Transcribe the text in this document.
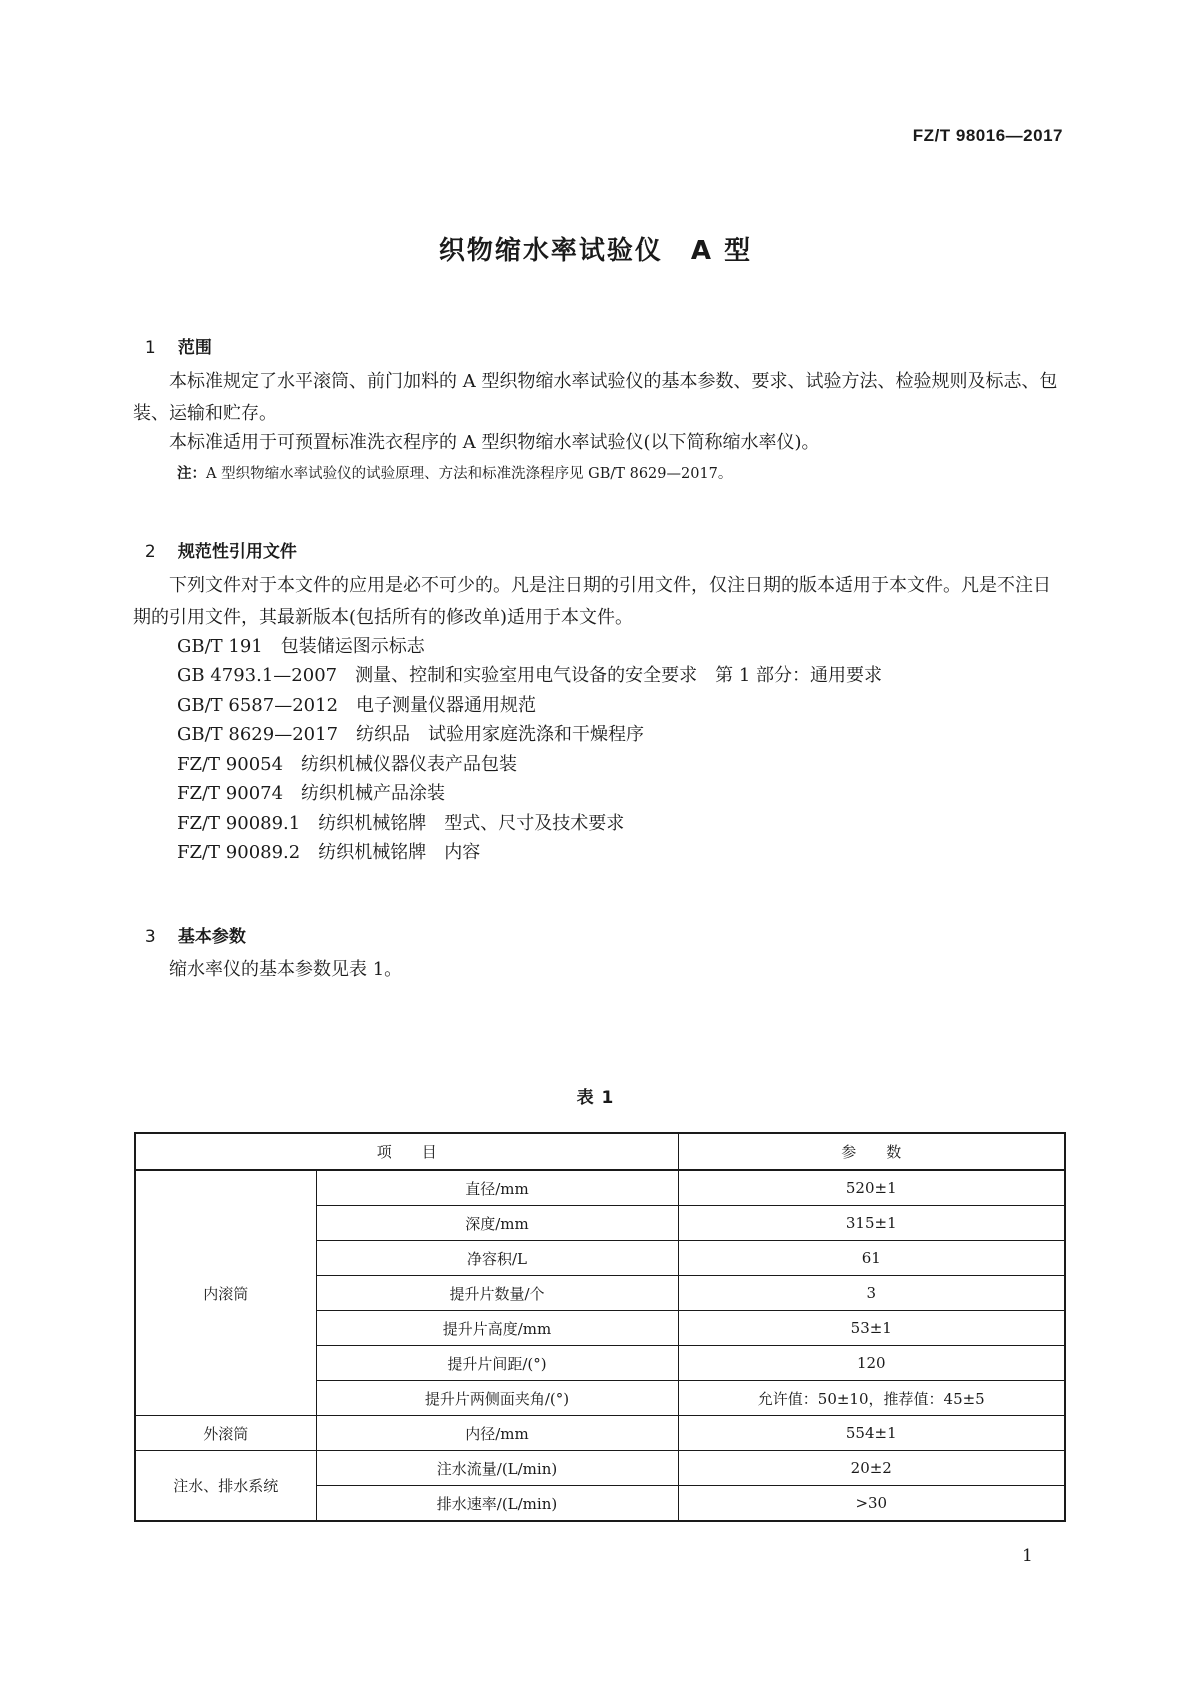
FZ/T 98016—2017
织物缩水率试验仪　A 型

1 范围

本标准规定了水平滚筒、前门加料的 A 型织物缩水率试验仪的基本参数、要求、试验方法、检验规则及标志、包装、运输和贮存。
本标准适用于可预置标准洗衣程序的 A 型织物缩水率试验仪(以下简称缩水率仪)。
注：A 型织物缩水率试验仪的试验原理、方法和标准洗涤程序见 GB/T 8629—2017。

2 规范性引用文件

下列文件对于本文件的应用是必不可少的。凡是注日期的引用文件，仅注日期的版本适用于本文件。凡是不注日期的引用文件，其最新版本(包括所有的修改单)适用于本文件。
GB/T 191　包装储运图示标志
GB 4793.1—2007　测量、控制和实验室用电气设备的安全要求　第 1 部分：通用要求
GB/T 6587—2012　电子测量仪器通用规范
GB/T 8629—2017　纺织品　试验用家庭洗涤和干燥程序
FZ/T 90054　纺织机械仪器仪表产品包装
FZ/T 90074　纺织机械产品涂装
FZ/T 90089.1　纺织机械铭牌　型式、尺寸及技术要求
FZ/T 90089.2　纺织机械铭牌　内容

3 基本参数

缩水率仪的基本参数见表 1。
表 1
项　　目		参　　数
内滚筒	直径/mm	520±1
	深度/mm	315±1
	净容积/L	61
	提升片数量/个	3
	提升片高度/mm	53±1
	提升片间距/(°)	120
	提升片两侧面夹角/(°)	允许值：50±10，推荐值：45±5
外滚筒	内径/mm	554±1
注水、排水系统	注水流量/(L/min)	20±2
	排水速率/(L/min)	>30
1
